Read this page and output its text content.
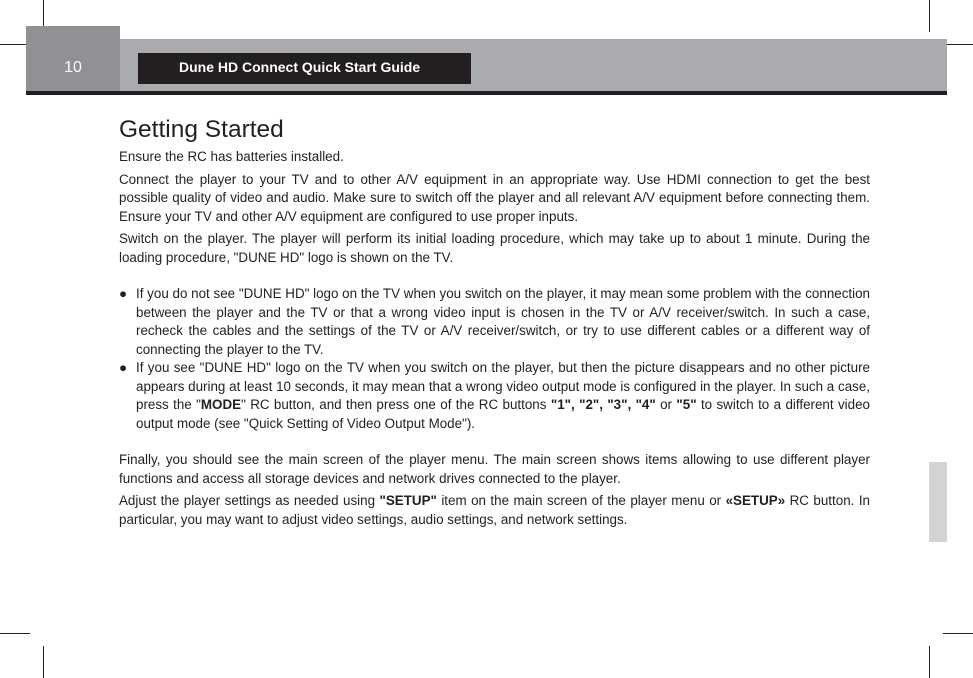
10	Dune HD Connect Quick Start Guide
Getting Started

Ensure the RC has batteries installed.

Connect the player to your TV and to other A/V equipment in an appropriate way. Use HDMI connection to get the best possible quality of video and audio. Make sure to switch off the player and all relevant A/V equipment before connecting them. Ensure your TV and other A/V equipment are configured to use proper inputs.

Switch on the player. The player will perform its initial loading procedure, which may take up to about 1 minute. During the loading procedure, "DUNE HD" logo is shown on the TV.

● If you do not see "DUNE HD" logo on the TV when you switch on the player, it may mean some problem with the connection between the player and the TV or that a wrong video input is chosen in the TV or A/V receiver/switch. In such a case, recheck the cables and the settings of the TV or A/V receiver/switch, or try to use different cables or a different way of connecting the player to the TV.

● If you see "DUNE HD" logo on the TV when you switch on the player, but then the picture disappears and no other picture appears during at least 10 seconds, it may mean that a wrong video output mode is configured in the player. In such a case, press the "MODE" RC button, and then press one of the RC buttons "1", "2", "3", "4" or "5" to switch to a different video output mode (see "Quick Setting of Video Output Mode").

Finally, you should see the main screen of the player menu. The main screen shows items allowing to use different player functions and access all storage devices and network drives connected to the player.

Adjust the player settings as needed using "SETUP" item on the main screen of the player menu or «SETUP» RC button. In particular, you may want to adjust video settings, audio settings, and network settings.
